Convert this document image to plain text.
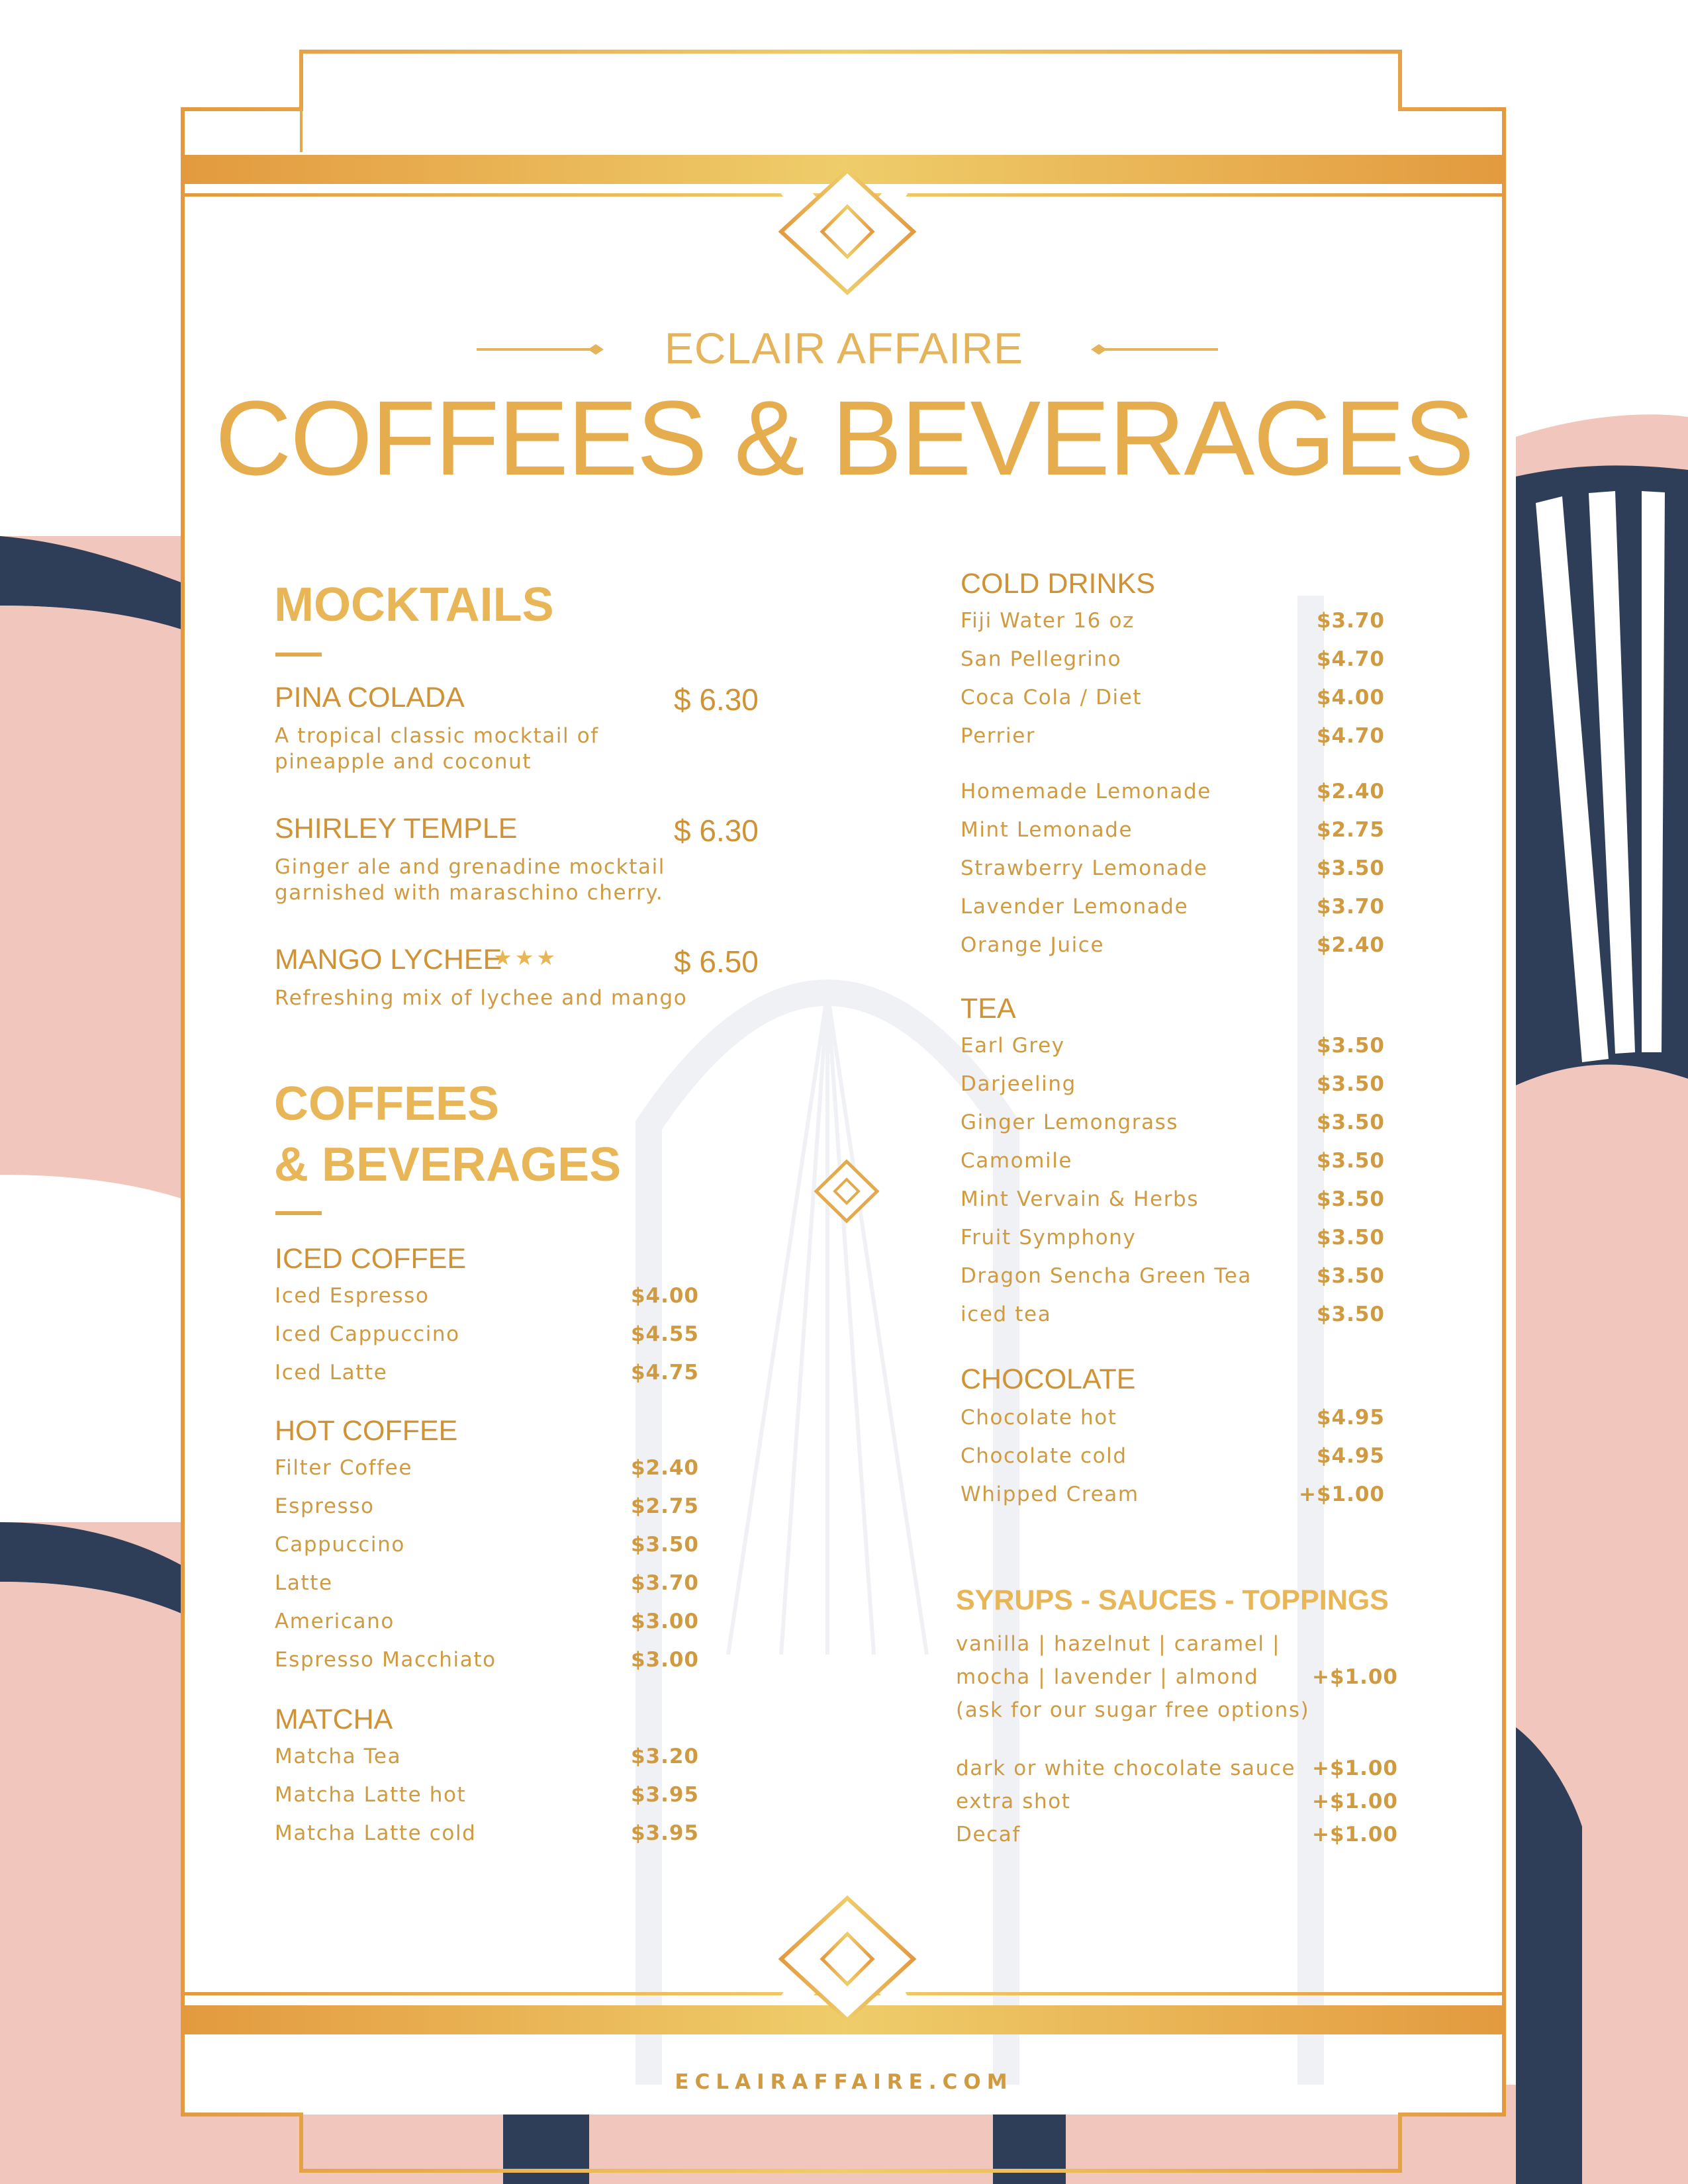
ECLAIR AFFAIRE
COFFEES & BEVERAGES
MOCKTAILS
PINA COLADA	$ 6.30
A tropical classic mocktail of
pineapple and coconut
SHIRLEY TEMPLE	$ 6.30
Ginger ale and grenadine mocktail
garnished with maraschino cherry.
MANGO LYCHEE
★★★	$ 6.50
Refreshing mix of lychee and mango
COFFEES
& BEVERAGES
ICED COFFEE
Iced Espresso	$4.00
Iced Cappuccino	$4.55
Iced Latte	$4.75
HOT COFFEE
Filter Coffee	$2.40
Espresso	$2.75
Cappuccino	$3.50
Latte	$3.70
Americano	$3.00
Espresso Macchiato	$3.00
MATCHA
Matcha Tea	$3.20
Matcha Latte hot	$3.95
Matcha Latte cold	$3.95
COLD DRINKS
Fiji Water 16 oz	$3.70
San Pellegrino	$4.70
Coca Cola / Diet	$4.00
Perrier	$4.70
Homemade Lemonade	$2.40
Mint Lemonade	$2.75
Strawberry Lemonade	$3.50
Lavender Lemonade	$3.70
Orange Juice	$2.40
TEA
Earl Grey	$3.50
Darjeeling	$3.50
Ginger Lemongrass	$3.50
Camomile	$3.50
Mint Vervain & Herbs	$3.50
Fruit Symphony	$3.50
Dragon Sencha Green Tea	$3.50
iced tea	$3.50
CHOCOLATE
Chocolate hot	$4.95
Chocolate cold	$4.95
Whipped Cream	+$1.00
SYRUPS - SAUCES - TOPPINGS
vanilla | hazelnut | caramel |
mocha | lavender | almond	+$1.00
(ask for our sugar free options)
dark or white chocolate sauce +$1.00
extra shot	+$1.00
Decaf	+$1.00
ECLAIRAFFAIRE.COM
